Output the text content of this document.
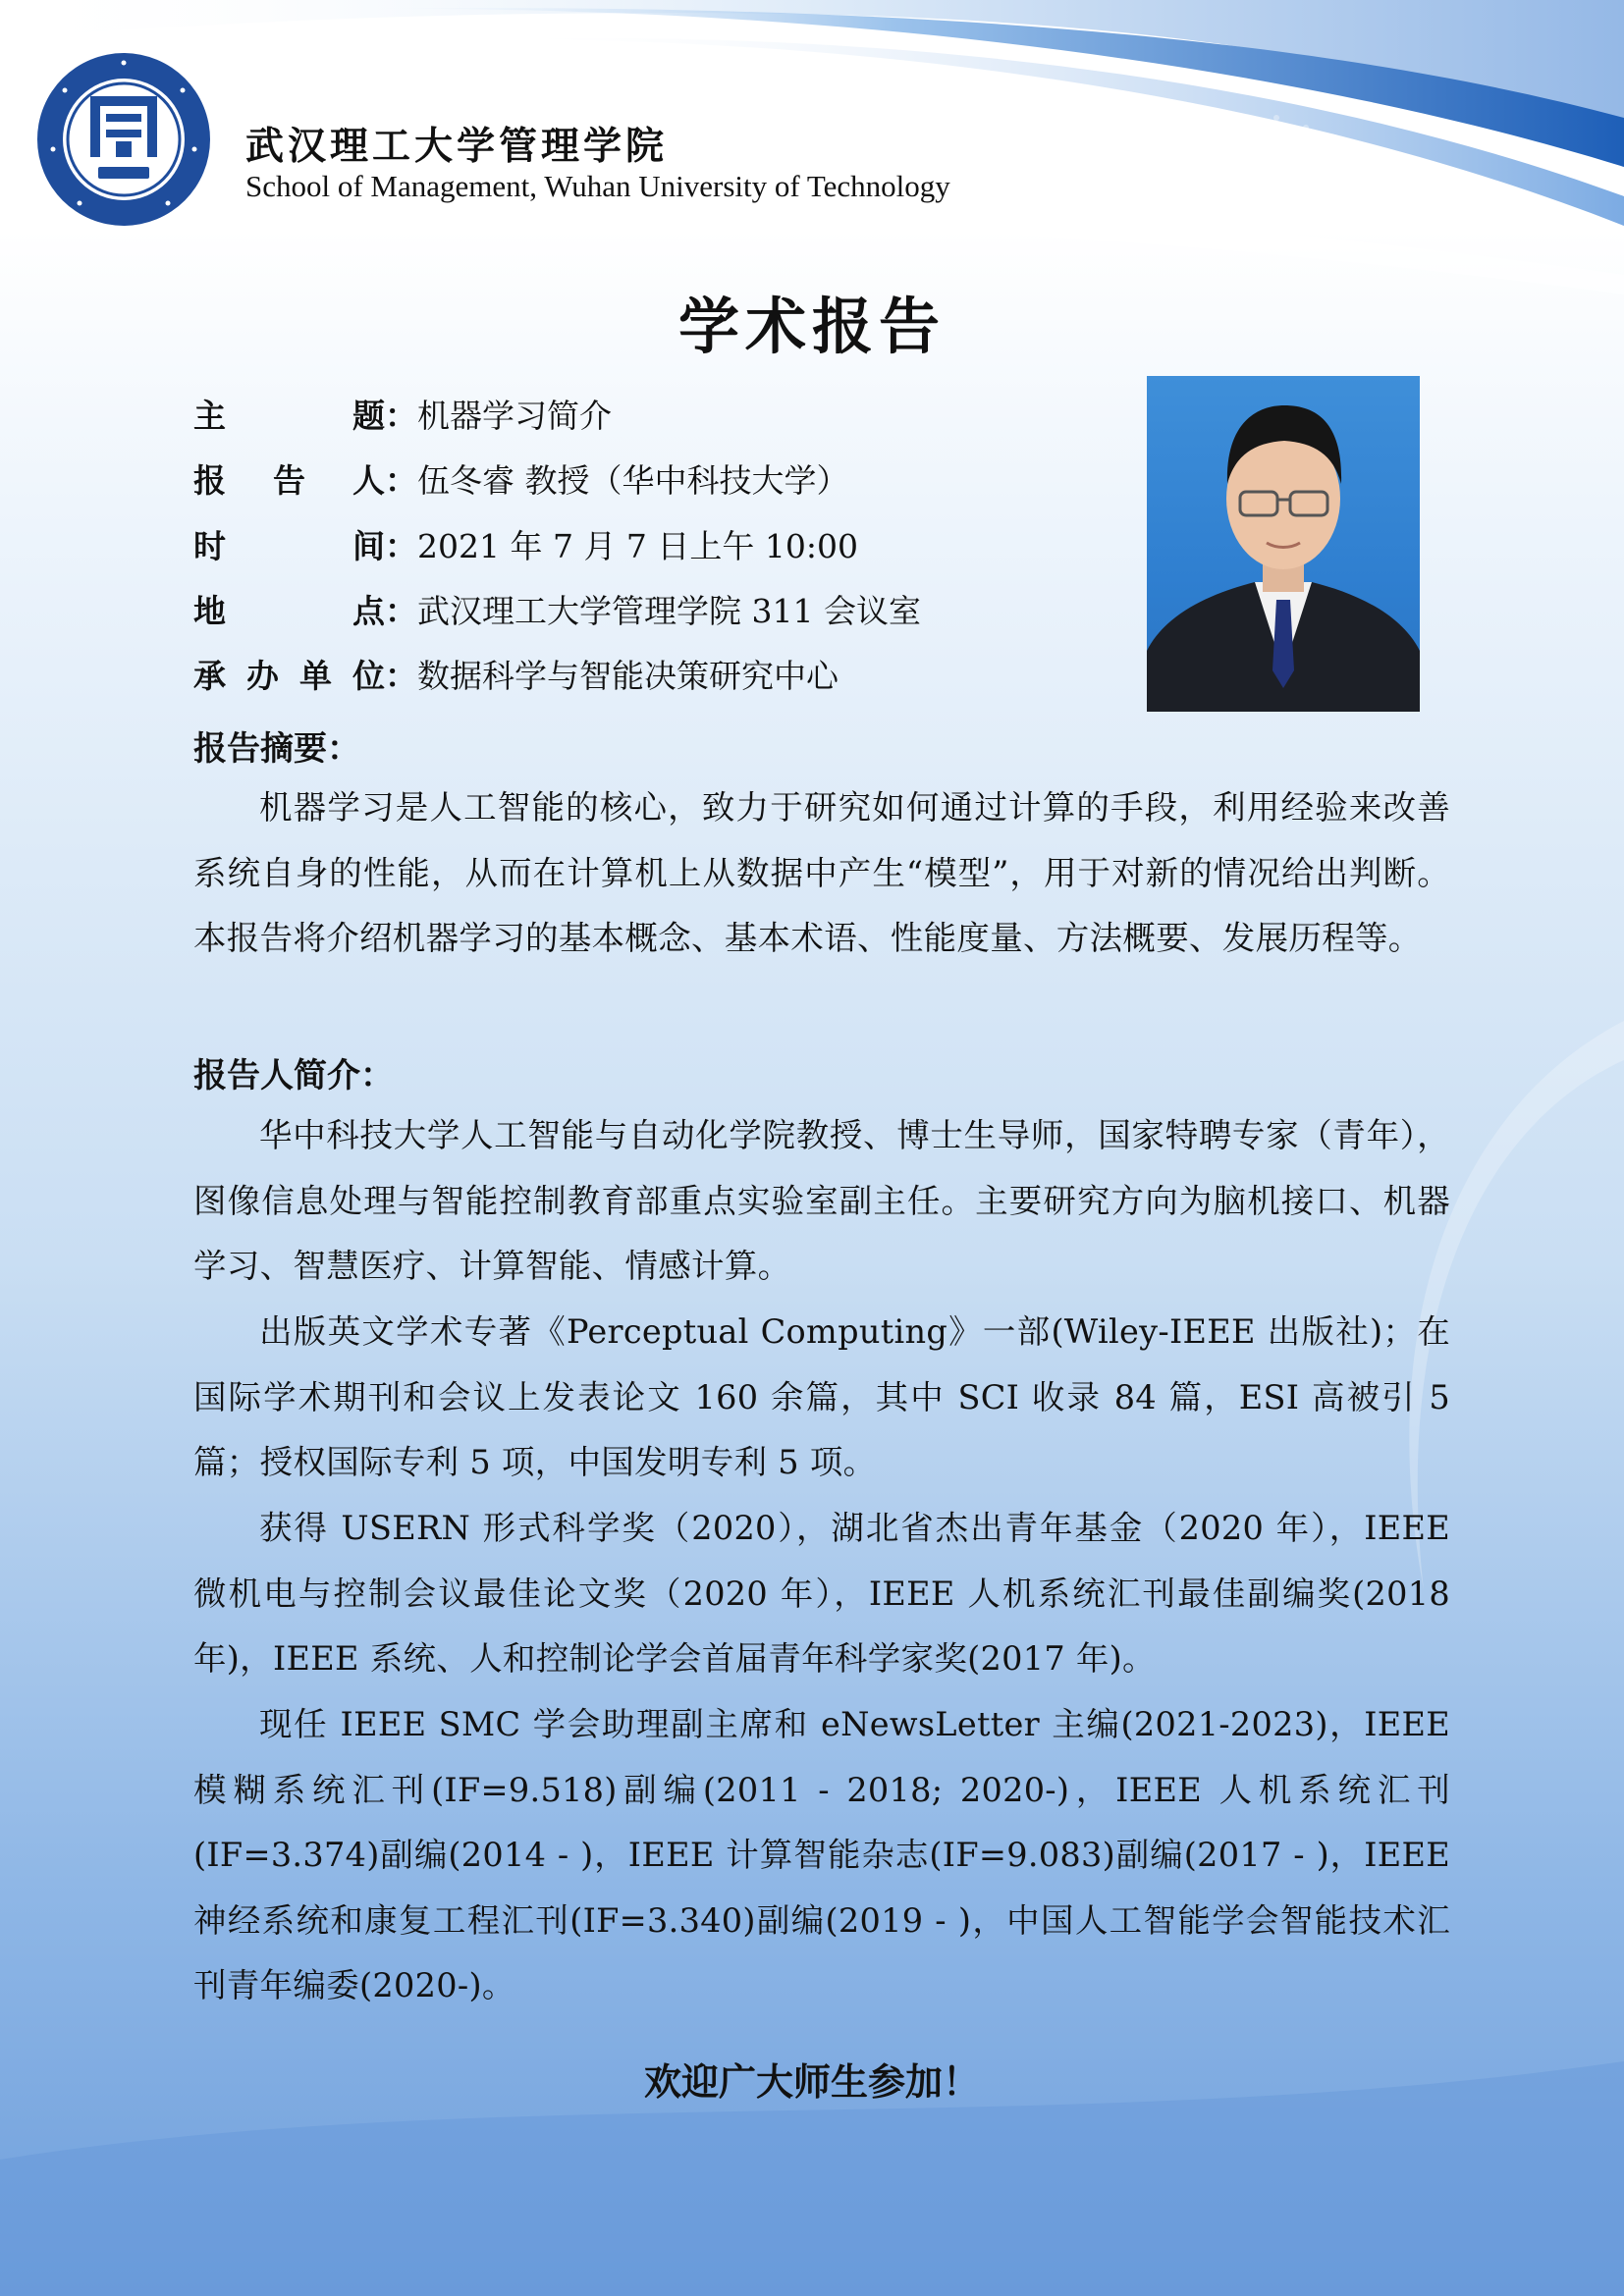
武汉理工大学管理学院
School of Management, Wuhan University of Technology
学术报告
主题：机器学习简介
报告人：伍冬睿 教授（华中科技大学）
时间：2021 年 7 月 7 日上午 10:00
地点：武汉理工大学管理学院 311 会议室
承办单位：数据科学与智能决策研究中心
报告摘要：

机器学习是人工智能的核心，致力于研究如何通过计算的手段，利用经验来改善系统自身的性能，从而在计算机上从数据中产生“模型”，用于对新的情况给出判断。本报告将介绍机器学习的基本概念、基本术语、性能度量、方法概要、发展历程等。

报告人简介：

华中科技大学人工智能与自动化学院教授、博士生导师，国家特聘专家（青年），图像信息处理与智能控制教育部重点实验室副主任。主要研究方向为脑机接口、机器学习、智慧医疗、计算智能、情感计算。

出版英文学术专著《Perceptual Computing》一部(Wiley-IEEE 出版社)；在国际学术期刊和会议上发表论文 160 余篇，其中 SCI 收录 84 篇，ESI 高被引 5 篇；授权国际专利 5 项，中国发明专利 5 项。

获得 USERN 形式科学奖（2020），湖北省杰出青年基金（2020 年），IEEE 微机电与控制会议最佳论文奖（2020 年），IEEE 人机系统汇刊最佳副编奖(2018 年)，IEEE 系统、人和控制论学会首届青年科学家奖(2017 年)。

现任 IEEE SMC 学会助理副主席和 eNewsLetter 主编(2021-2023)，IEEE 模糊系统汇刊(IF=9.518)副编(2011 - 2018; 2020-)，IEEE 人机系统汇刊(IF=3.374)副编(2014 - )，IEEE 计算智能杂志(IF=9.083)副编(2017 - )，IEEE 神经系统和康复工程汇刊(IF=3.340)副编(2019 - )，中国人工智能学会智能技术汇刊青年编委(2020-)。

欢迎广大师生参加！
